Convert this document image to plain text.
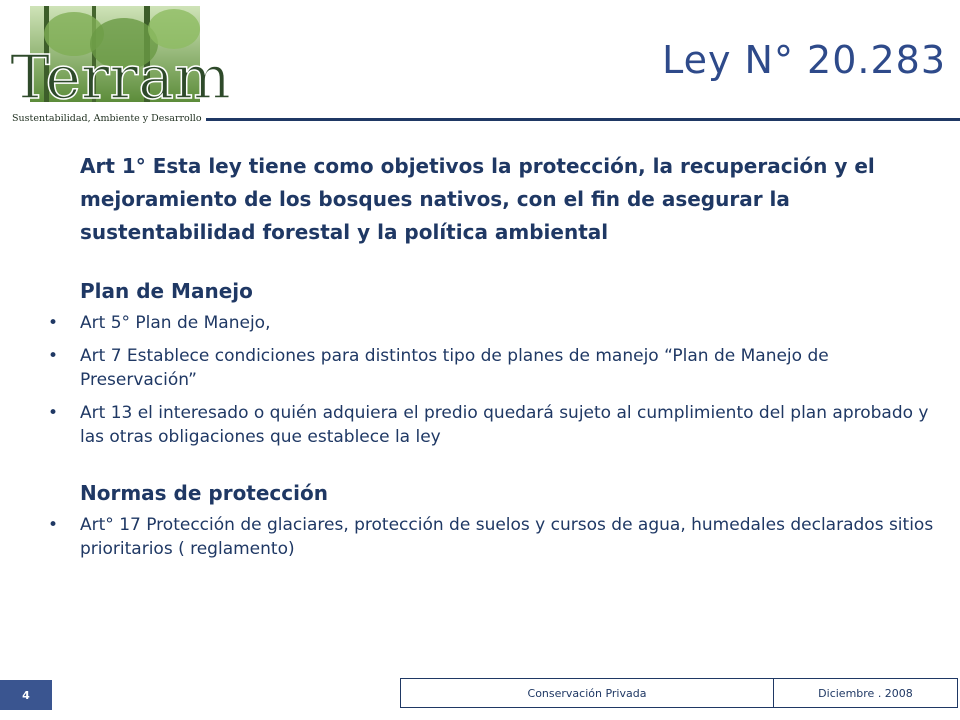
Terram
Sustentabilidad, Ambiente y Desarrollo
Ley N° 20.283
Art 1° Esta ley tiene como objetivos la protección, la recuperación y el mejoramiento de los bosques nativos, con el fin de asegurar la sustentabilidad forestal y la política ambiental
Plan de Manejo
• Art 5° Plan de Manejo,
• Art 7 Establece condiciones para distintos tipo de planes de manejo “Plan de Manejo de Preservación”
• Art 13 el interesado o quién adquiera el predio quedará sujeto al cumplimiento del plan aprobado y las otras obligaciones que establece la ley
Normas de protección
• Art° 17 Protección de glaciares, protección de suelos y cursos de agua, humedales declarados sitios prioritarios ( reglamento)
4	Conservación Privada	Diciembre . 2008
